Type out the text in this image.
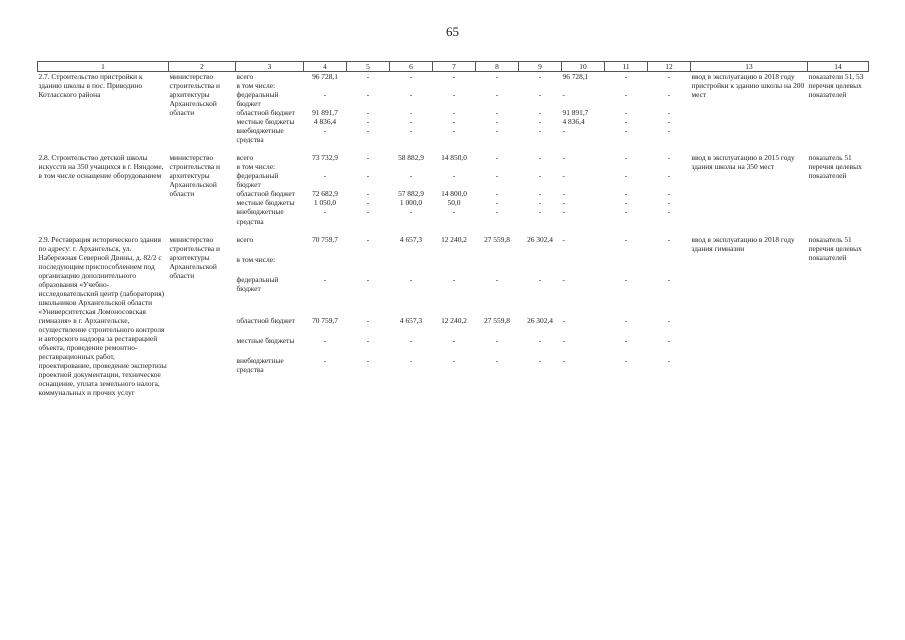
65
1	2	3	4	5	6	7	8	9	10	11	12	13	14
2.7. Строительство пристройки к зданию школы в пос. Приводино Котласского района	министерство строительства и архитектуры Архангельской области	всего	96 728,1	-	-	-	-	-	96 728,1	-	-	ввод в эксплуатацию в 2018 году пристройки к зданию школы на 200 мест	показатели 51, 53 перечня целевых показателей
		в том числе:											
		федеральный бюджет	-	-	-	-	-	-	-	-	-		
		областной бюджет	91 891,7	-	-	-	-	-	91 891,7	-	-		
		местные бюджеты	4 836,4	-	-	-	-	-	4 836,4	-	-		
		внебюджетные средства	-	-	-	-	-	-	-	-	-		

2.8. Строительство детской школы искусств на 350 учащихся в г. Няндоме, в том числе оснащение оборудованием	министерство строительства и архитектуры Архангельской области	всего	73 732,9	-	58 882,9	14 850,0	-	-	-	-	-	ввод в эксплуатацию в 2015 году здания школы на 350 мест	показатель 51 перечня целевых показателей
		в том числе:											
		федеральный бюджет	-	-	-	-	-	-	-	-	-		
		областной бюджет	72 682,9	-	57 882,9	14 800,0	-	-	-	-	-		
		местные бюджеты	1 050,0	-	1 000,0	50,0	-	-	-	-	-		
		внебюджетные средства	-	-	-	-	-	-	-	-	-		

2.9. Реставрация исторического здания по адресу: г. Архангельск, ул. Набережная Северной Двины, д. 82/2 с последующим приспособлением под организацию дополнительного образования «Учебно-исследовательский центр (лаборатория) школьников Архангельской области «Университетская Ломоносовская гимназия» в г. Архангельске, осуществление строительного контроля и авторского надзора за реставрацией объекта, проведение ремонтно-реставрационных работ, проектирование, проведение экспертизы проектной документации, техническое оснащение, уплата земельного налога, коммунальных и прочих услуг	министерство строительства и архитектуры Архангельской области	всего	70 759,7	-	4 657,3	12 240,2	27 559,8	26 302,4	-	-	-	ввод в эксплуатацию в 2018 году здания гимназии	показатель 51 перечня целевых показателей
		в том числе:											
		федеральный бюджет	-	-	-	-	-	-	-	-	-		
		областной бюджет	70 759,7	-	4 657,3	12 240,2	27 559,8	26 302,4	-	-	-		
		местные бюджеты	-	-	-	-	-	-	-	-	-		
		внебюджетные средства	-	-	-	-	-	-	-	-	-		
